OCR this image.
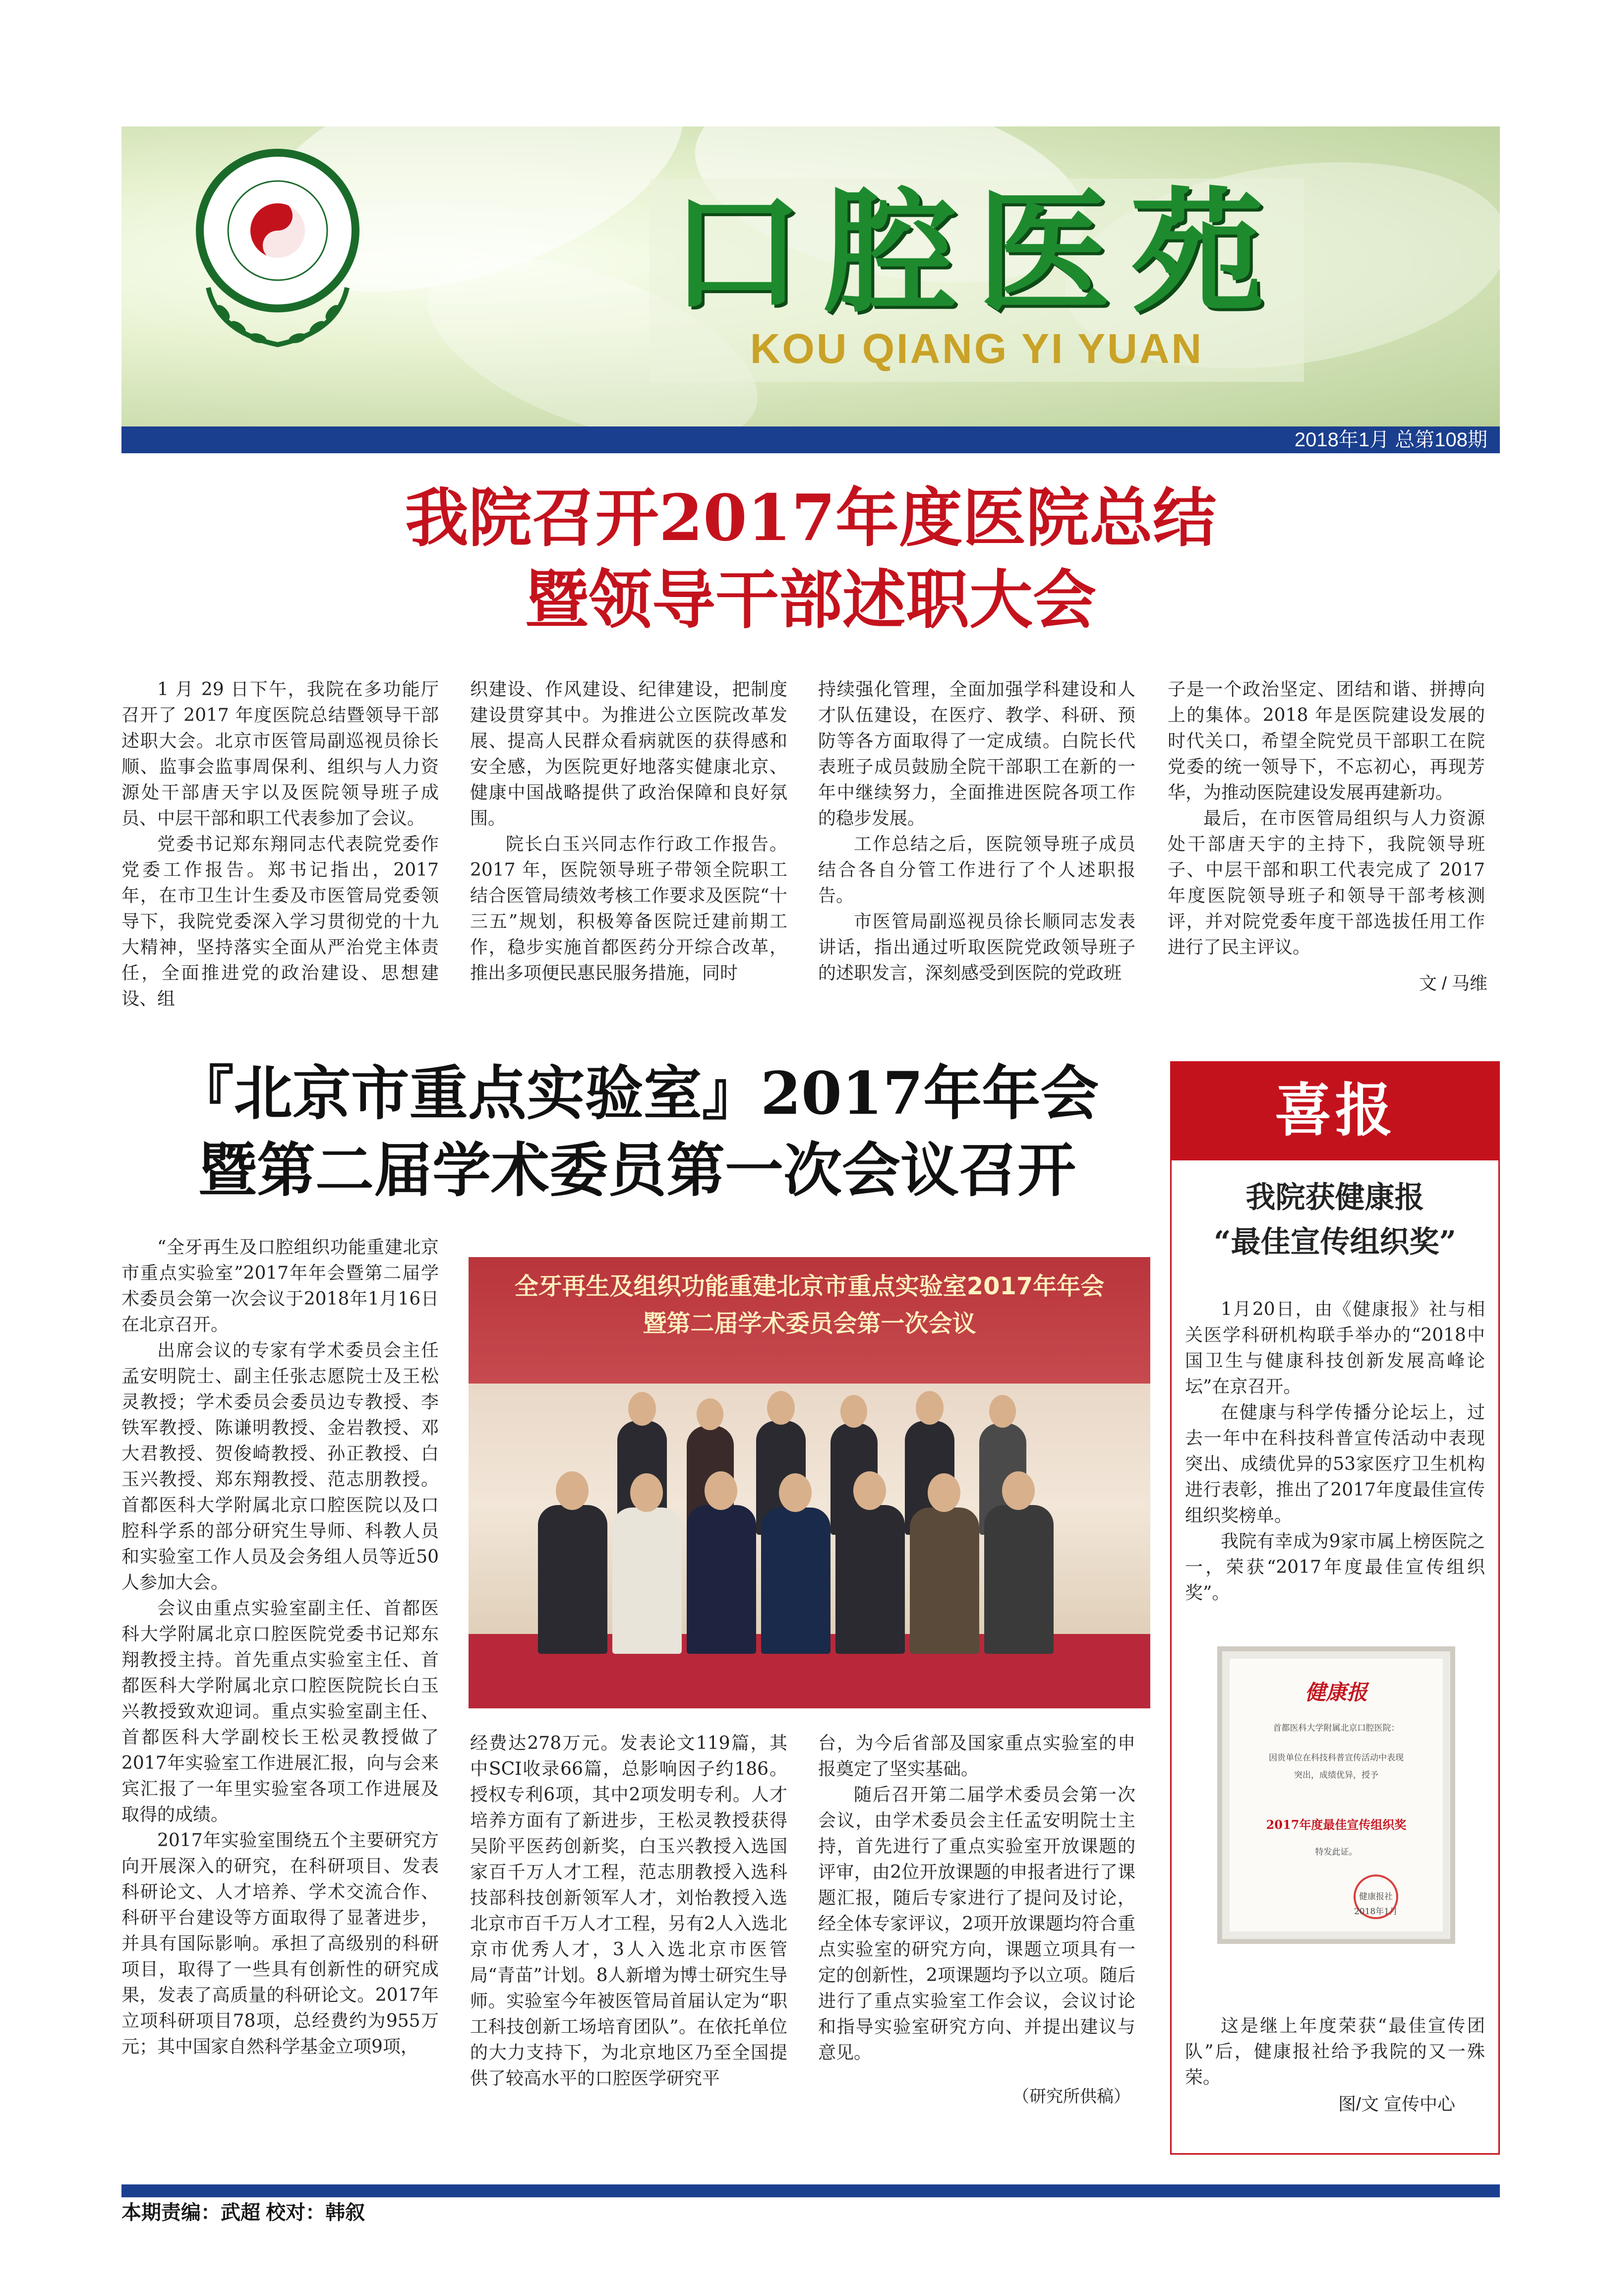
口腔医苑
KOU QIANG YI YUAN
2018年1月 总第108期
我院召开2017年度医院总结
暨领导干部述职大会

1 月 29 日下午，我院在多功能厅召开了 2017 年度医院总结暨领导干部述职大会。北京市医管局副巡视员徐长顺、监事会监事周保利、组织与人力资源处干部唐天宇以及医院领导班子成员、中层干部和职工代表参加了会议。

党委书记郑东翔同志代表院党委作党委工作报告。郑书记指出，2017 年，在市卫生计生委及市医管局党委领导下，我院党委深入学习贯彻党的十九大精神，坚持落实全面从严治党主体责任，全面推进党的政治建设、思想建设、组

织建设、作风建设、纪律建设，把制度建设贯穿其中。为推进公立医院改革发展、提高人民群众看病就医的获得感和安全感，为医院更好地落实健康北京、健康中国战略提供了政治保障和良好氛围。

院长白玉兴同志作行政工作报告。2017 年，医院领导班子带领全院职工结合医管局绩效考核工作要求及医院“十三五”规划，积极筹备医院迁建前期工作，稳步实施首都医药分开综合改革，推出多项便民惠民服务措施，同时

持续强化管理，全面加强学科建设和人才队伍建设，在医疗、教学、科研、预防等各方面取得了一定成绩。白院长代表班子成员鼓励全院干部职工在新的一年中继续努力，全面推进医院各项工作的稳步发展。

工作总结之后，医院领导班子成员结合各自分管工作进行了个人述职报告。

市医管局副巡视员徐长顺同志发表讲话，指出通过听取医院党政领导班子的述职发言，深刻感受到医院的党政班

子是一个政治坚定、团结和谐、拼搏向上的集体。2018 年是医院建设发展的时代关口，希望全院党员干部职工在院党委的统一领导下，不忘初心，再现芳华，为推动医院建设发展再建新功。

最后，在市医管局组织与人力资源处干部唐天宇的主持下，我院领导班子、中层干部和职工代表完成了 2017 年度医院领导班子和领导干部考核测评，并对院党委年度干部选拔任用工作进行了民主评议。

文 / 马维
『北京市重点实验室』2017年年会
暨第二届学术委员第一次会议召开

“全牙再生及口腔组织功能重建北京市重点实验室”2017年年会暨第二届学术委员会第一次会议于2018年1月16日在北京召开。

出席会议的专家有学术委员会主任孟安明院士、副主任张志愿院士及王松灵教授；学术委员会委员边专教授、李铁军教授、陈谦明教授、金岩教授、邓大君教授、贺俊崎教授、孙正教授、白玉兴教授、郑东翔教授、范志朋教授。首都医科大学附属北京口腔医院以及口腔科学系的部分研究生导师、科教人员和实验室工作人员及会务组人员等近50人参加大会。

会议由重点实验室副主任、首都医科大学附属北京口腔医院党委书记郑东翔教授主持。首先重点实验室主任、首都医科大学附属北京口腔医院院长白玉兴教授致欢迎词。重点实验室副主任、首都医科大学副校长王松灵教授做了2017年实验室工作进展汇报，向与会来宾汇报了一年里实验室各项工作进展及取得的成绩。

2017年实验室围绕五个主要研究方向开展深入的研究，在科研项目、发表科研论文、人才培养、学术交流合作、科研平台建设等方面取得了显著进步，并具有国际影响。承担了高级别的科研项目，取得了一些具有创新性的研究成果，发表了高质量的科研论文。2017年立项科研项目78项，总经费约为955万元；其中国家自然科学基金立项9项，

全牙再生及组织功能重建北京市重点实验室2017年年会
暨第二届学术委员会第一次会议

经费达278万元。发表论文119篇，其中SCI收录66篇，总影响因子约186。授权专利6项，其中2项发明专利。人才培养方面有了新进步，王松灵教授获得吴阶平医药创新奖，白玉兴教授入选国家百千万人才工程，范志朋教授入选科技部科技创新领军人才，刘怡教授入选北京市百千万人才工程，另有2人入选北京市优秀人才，3人入选北京市医管局“青苗”计划。8人新增为博士研究生导师。实验室今年被医管局首届认定为“职工科技创新工场培育团队”。在依托单位的大力支持下，为北京地区乃至全国提供了较高水平的口腔医学研究平

台，为今后省部及国家重点实验室的申报奠定了坚实基础。

随后召开第二届学术委员会第一次会议，由学术委员会主任孟安明院士主持，首先进行了重点实验室开放课题的评审，由2位开放课题的申报者进行了课题汇报，随后专家进行了提问及讨论，经全体专家评议，2项开放课题均符合重点实验室的研究方向，课题立项具有一定的创新性，2项课题均予以立项。随后进行了重点实验室工作会议，会议讨论和指导实验室研究方向、并提出建议与意见。

（研究所供稿）
喜报
我院获健康报
“最佳宣传组织奖”

1月20日，由《健康报》社与相关医学科研机构联手举办的“2018中国卫生与健康科技创新发展高峰论坛”在京召开。

在健康与科学传播分论坛上，过去一年中在科技科普宣传活动中表现突出、成绩优异的53家医疗卫生机构进行表彰，推出了2017年度最佳宣传组织奖榜单。

我院有幸成为9家市属上榜医院之一，荣获“2017年度最佳宣传组织奖”。

健康报
首都医科大学附属北京口腔医院：
因贵单位在科技科普宣传活动中表现
突出，成绩优异，授予
2017年度最佳宣传组织奖
特发此证。
健康报社
2018年1月

这是继上年度荣获“最佳宣传团队”后，健康报社给予我院的又一殊荣。

图/文 宣传中心
本期责编：武超 校对：韩叙
